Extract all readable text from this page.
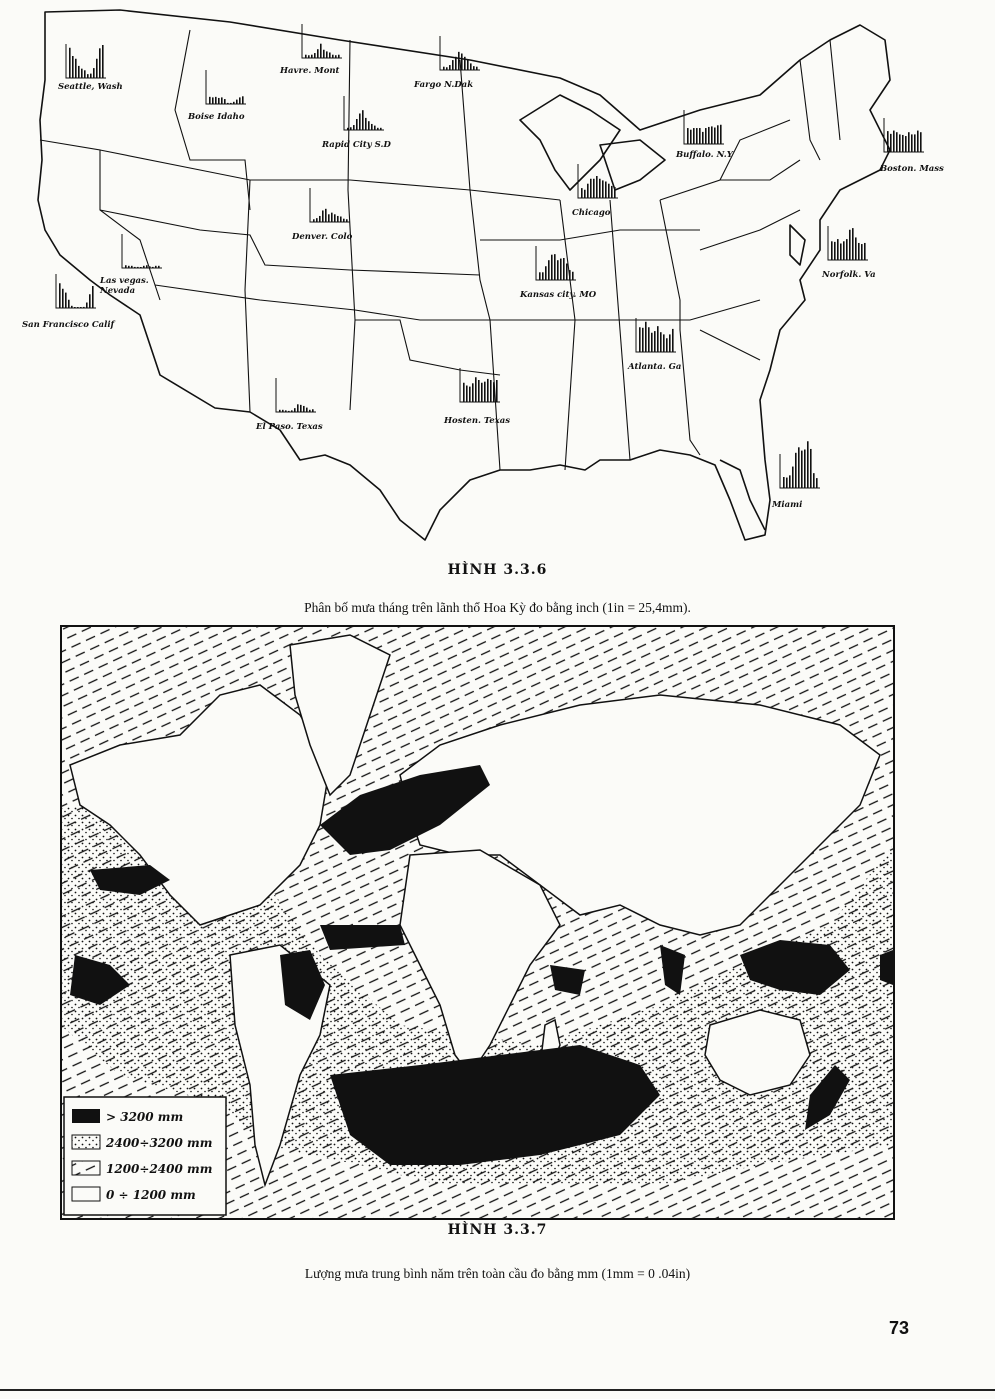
Seattle, Wash
Havre. Mont
Fargo N.Dak
Boise Idaho
Rapid City S.D
Denver. Colo
Las vegas. Nevada
San Francisco Calif
El Paso. Texas
Hosten. Texas
Kansas city. MO
Chicago
Atlanta. Ga
Buffalo. N.Y
Boston. Mass
Norfolk. Va
Miami
HÌNH 3.3.6
Phân bố mưa tháng trên lãnh thổ Hoa Kỳ đo bằng inch (1in = 25,4mm).
> 3200 mm
2400÷3200 mm
1200÷2400 mm
0 ÷ 1200 mm
HÌNH 3.3.7
Lượng mưa trung bình năm trên toàn cầu đo bằng mm (1mm = 0 .04in)
73
